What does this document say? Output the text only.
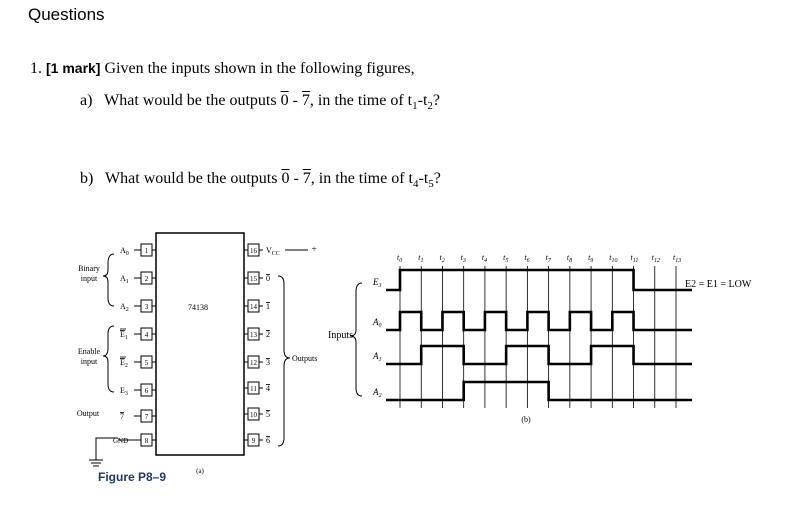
Questions
1. [1 mark] Given the inputs shown in the following figures,
a) What would be the outputs 0 - 7, in the time of $t_1-t_2$?
b) What would be the outputs 0 - 7, in the time of $t_4-t_5$?
74138
1
$A_0$
2
$A_1$
3
$A_2$
4
$E_1$
5
$E_2$
6
$E_3$
7
7
8
GND
16 $V_{CC}$
15 0
14 1
13 2
12 3
11 4
10 5
9 6
Binary
input
Enable
input
Output
+
Outputs
Figure P8–9	(a)
Inputs
$E_3$
$A_0$
$A_1$
$A_2$
$t_0$ $t_1$ $t_2$ $t_3$ $t_4$ $t_5$ $t_6$ $t_7$ $t_8$ $t_9$ $t_{10}$ $t_{11}$ $t_{12}$ $t_{13}$
E2 = E1 = LOW
(b)
